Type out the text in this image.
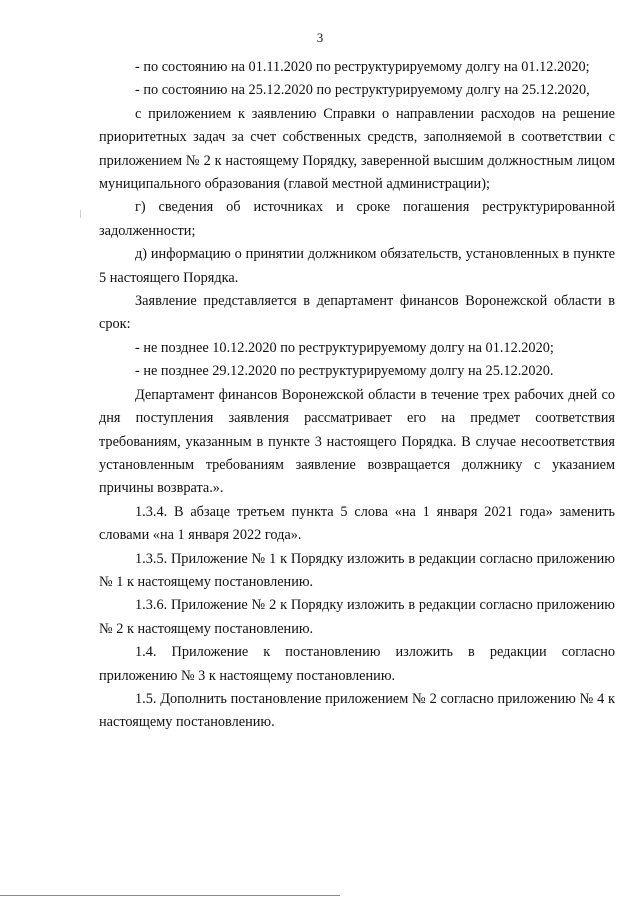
3

- по состоянию на 01.11.2020 по реструктурируемому долгу на 01.12.2020;

- по состоянию на 25.12.2020 по реструктурируемому долгу на 25.12.2020,

с приложением к заявлению Справки о направлении расходов на решение приоритетных задач за счет собственных средств, заполняемой в соответствии с приложением № 2 к настоящему Порядку, заверенной высшим должностным лицом муниципального образования (главой местной администрации);

г) сведения об источниках и сроке погашения реструктурированной задолженности;

д) информацию о принятии должником обязательств, установленных в пункте 5 настоящего Порядка.

Заявление представляется в департамент финансов Воронежской области в срок:

- не позднее 10.12.2020 по реструктурируемому долгу на 01.12.2020;

- не позднее 29.12.2020 по реструктурируемому долгу на 25.12.2020.

Департамент финансов Воронежской области в течение трех рабочих дней со дня поступления заявления рассматривает его на предмет соответствия требованиям, указанным в пункте 3 настоящего Порядка. В случае несоответствия установленным требованиям заявление возвращается должнику с указанием причины возврата.».

1.3.4. В абзаце третьем пункта 5 слова «на 1 января 2021 года» заменить словами «на 1 января 2022 года».

1.3.5. Приложение № 1 к Порядку изложить в редакции согласно приложению № 1 к настоящему постановлению.

1.3.6. Приложение № 2 к Порядку изложить в редакции согласно приложению № 2 к настоящему постановлению.

1.4. Приложение к постановлению изложить в редакции согласно приложению № 3 к настоящему постановлению.

1.5. Дополнить постановление приложением № 2 согласно приложению № 4 к настоящему постановлению.
